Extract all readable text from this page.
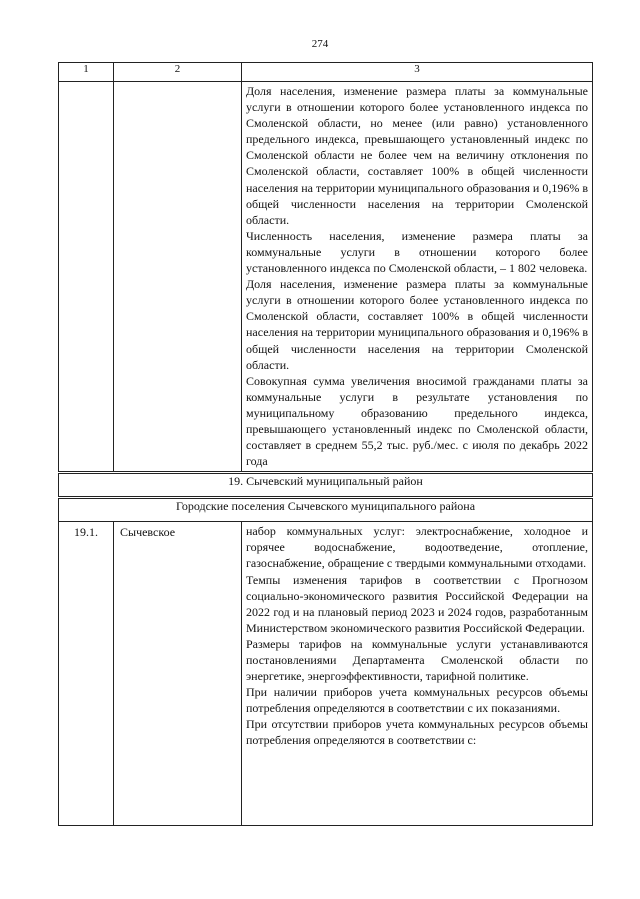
274
1	2	3

		Доля населения, изменение размера платы за коммунальные услуги в отношении которого более установленного индекса по Смоленской области, но менее (или равно) установленного предельного индекса, превышающего установленный индекс по Смоленской области не более чем на величину отклонения по Смоленской области, составляет 100% в общей численности населения на территории муниципального образования и 0,196% в общей численности населения на территории Смоленской области.

Численность населения, изменение размера платы за коммунальные услуги в отношении которого более установленного индекса по Смоленской области, – 1 802 человека.

Доля населения, изменение размера платы за коммунальные услуги в отношении которого более установленного индекса по Смоленской области, составляет 100% в общей численности населения на территории муниципального образования и 0,196% в общей численности населения на территории Смоленской области.

Совокупная сумма увеличения вносимой гражданами платы за коммунальные услуги в результате установления по муниципальному образованию предельного индекса, превышающего установленный индекс по Смоленской области, составляет в среднем 55,2 тыс. руб./мес. с июля по декабрь 2022 года

19. Сычевский муниципальный район		
Городские поселения Сычевского муниципального района		
19.1.	Сычевское	набор коммунальных услуг: электроснабжение, холодное и горячее водоснабжение, водоотведение, отопление, газоснабжение, обращение с твердыми коммунальными отходами.

Темпы изменения тарифов в соответствии с Прогнозом социально-экономического развития Российской Федерации на 2022 год и на плановый период 2023 и 2024 годов, разработанным Министерством экономического развития Российской Федерации.

Размеры тарифов на коммунальные услуги устанавливаются постановлениями Департамента Смоленской области по энергетике, энергоэффективности, тарифной политике.

При наличии приборов учета коммунальных ресурсов объемы потребления определяются в соответствии с их показаниями.

При отсутствии приборов учета коммунальных ресурсов объемы потребления определяются в соответствии с:
